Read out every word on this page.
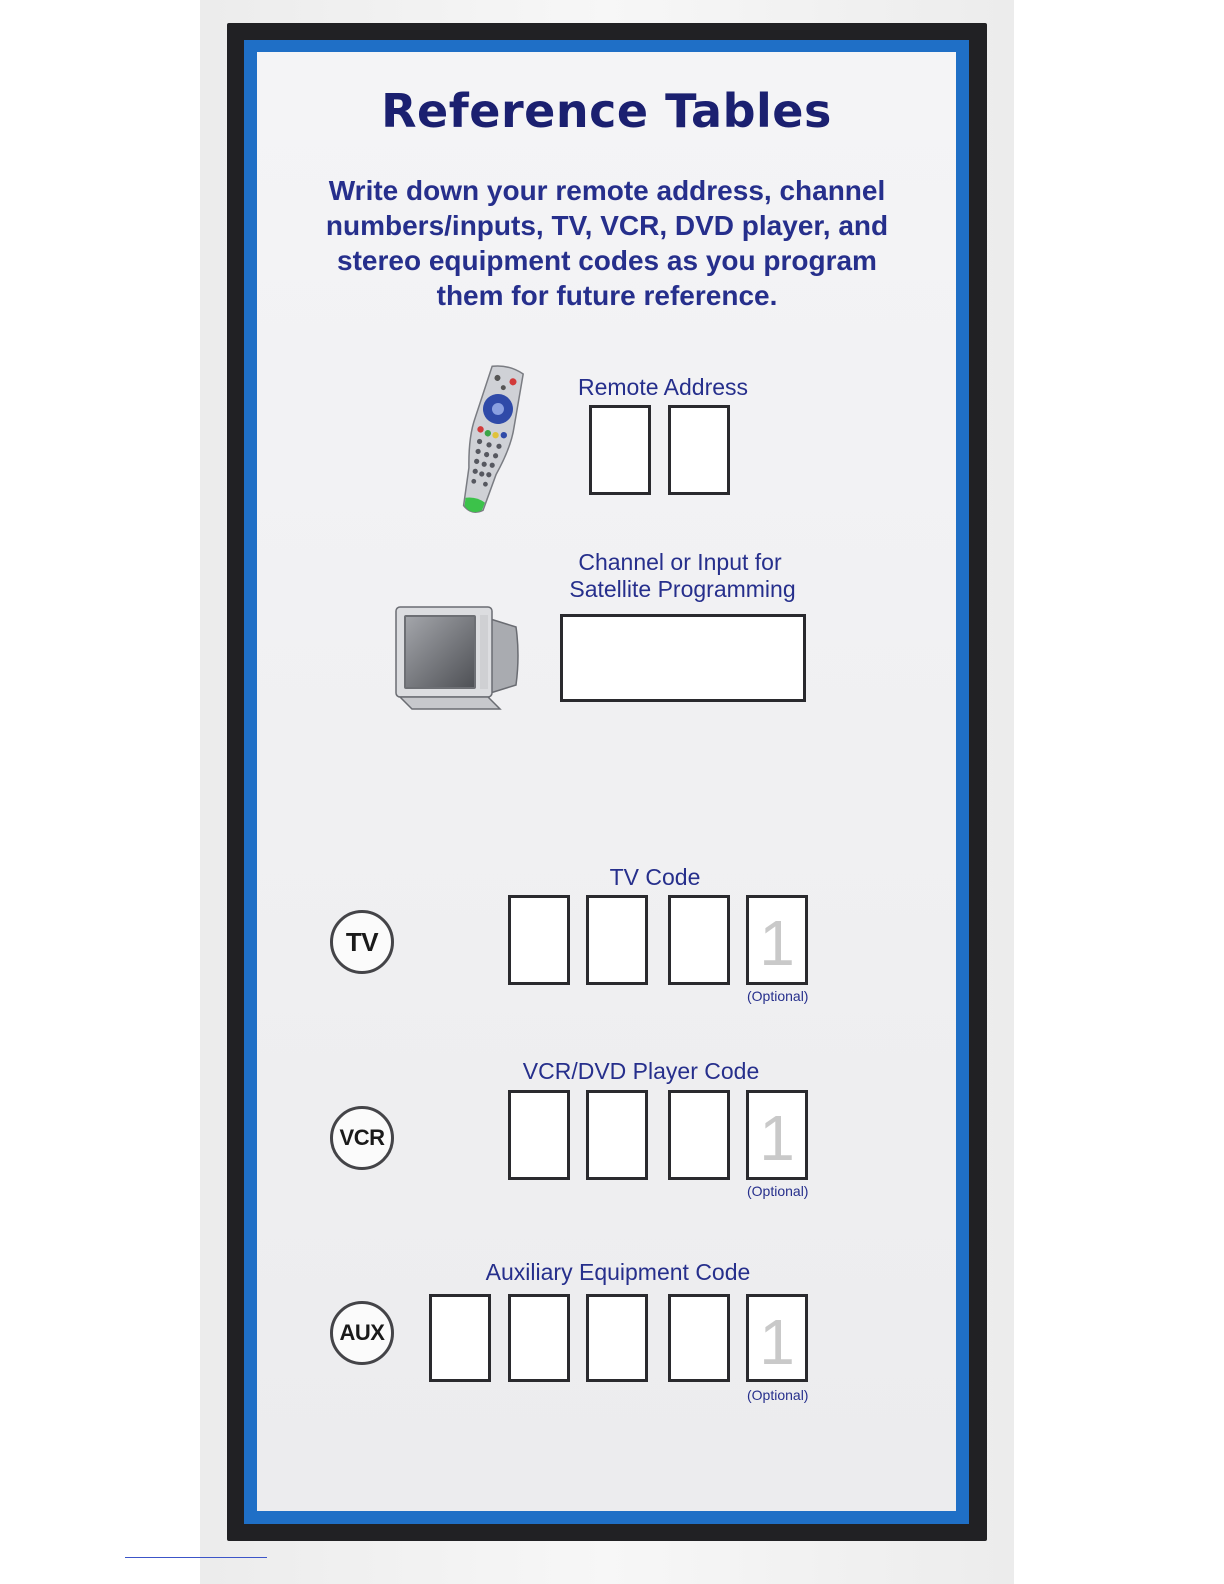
Reference Tables

Write down your remote address, channel numbers/inputs, TV, VCR, DVD player, and stereo equipment codes as you program them for future reference.

Remote Address
Channel or Input for
Satellite Programming
TV
TV Code
1
(Optional)
VCR
VCR/DVD Player Code
1
(Optional)
AUX
Auxiliary Equipment Code
1
(Optional)
